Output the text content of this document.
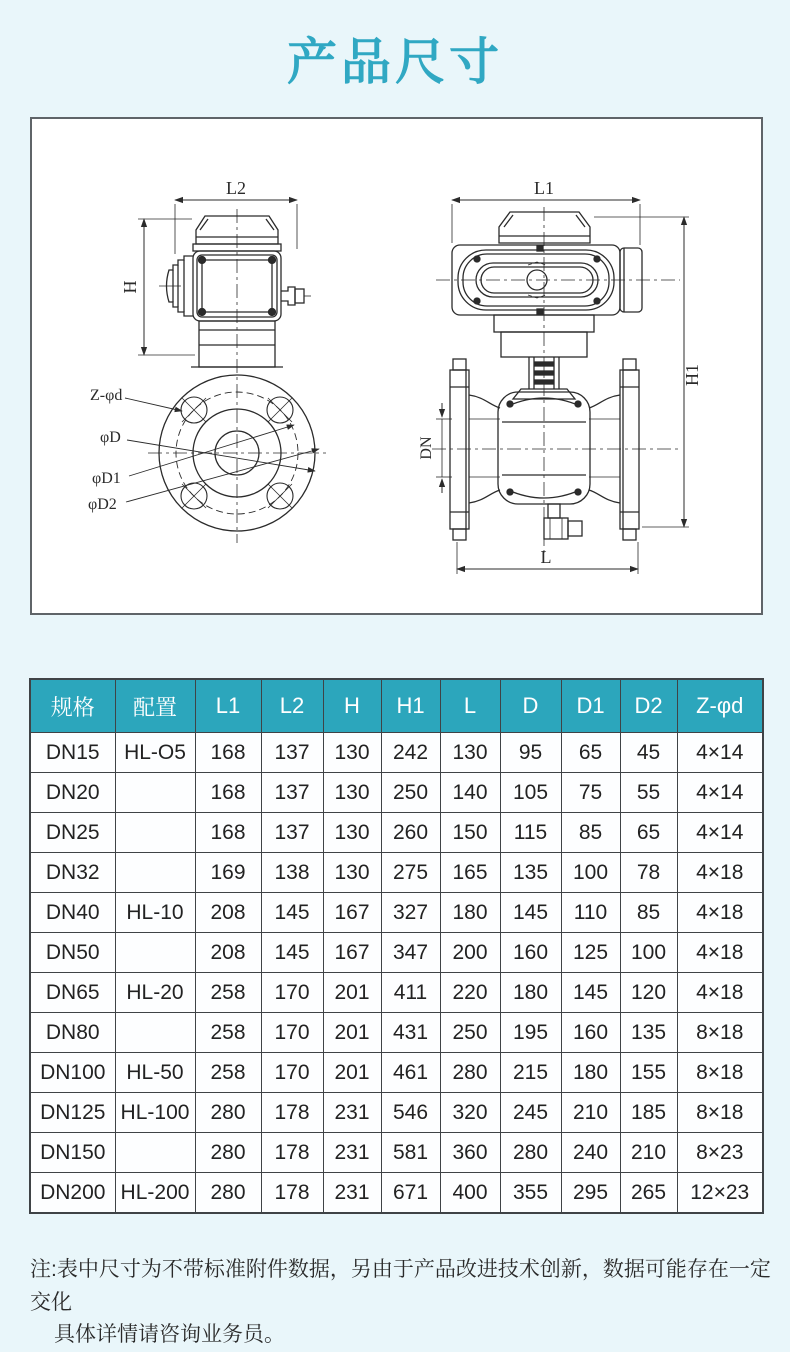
产品尺寸
L2
H
Z-φd
φD
φD1
φD2
L1
H1
DN
L
规格	配置	L1	L2	H	H1	L	D	D1	D2	Z-φd
DN15	HL-O5	168	137	130	242	130	95	65	45	4×14
DN20		168	137	130	250	140	105	75	55	4×14
DN25		168	137	130	260	150	115	85	65	4×14
DN32		169	138	130	275	165	135	100	78	4×18
DN40	HL-10	208	145	167	327	180	145	110	85	4×18
DN50		208	145	167	347	200	160	125	100	4×18
DN65	HL-20	258	170	201	411	220	180	145	120	4×18
DN80		258	170	201	431	250	195	160	135	8×18
DN100	HL-50	258	170	201	461	280	215	180	155	8×18
DN125	HL-100	280	178	231	546	320	245	210	185	8×18
DN150		280	178	231	581	360	280	240	210	8×23
DN200	HL-200	280	178	231	671	400	355	295	265	12×23
注:表中尺寸为不带标准附件数据，另由于产品改进技术创新，数据可能存在一定交化
具体详情请咨询业务员。
